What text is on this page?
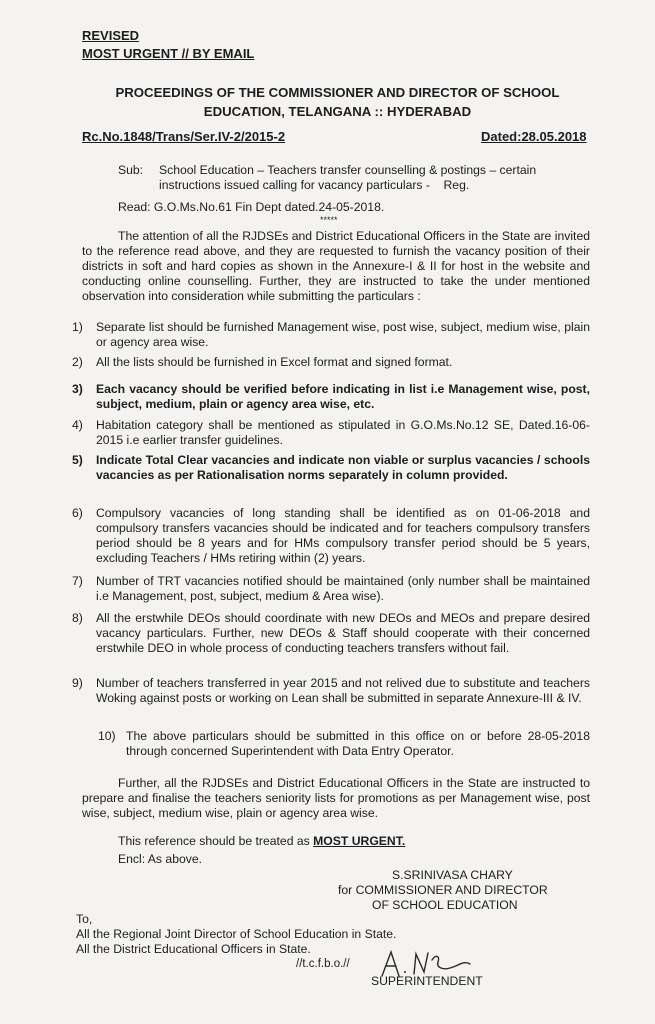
REVISED
MOST URGENT // BY EMAIL
PROCEEDINGS OF THE COMMISSIONER AND DIRECTOR OF SCHOOL
EDUCATION, TELANGANA :: HYDERABAD
Rc.No.1848/Trans/Ser.IV-2/2015-2	Dated:28.05.2018
Sub: School Education – Teachers transfer counselling & postings – certain
instructions issued calling for vacancy particulars -    Reg.
Read: G.O.Ms.No.61 Fin Dept dated.24-05-2018.
*****
The attention of all the RJDSEs and District Educational Officers in the State are invited to the reference read above, and they are requested to furnish the vacancy position of their districts in soft and hard copies as shown in the Annexure-I & II for host in the website and conducting online counselling. Further, they are instructed to take the under mentioned observation into consideration while submitting the particulars :
1) Separate list should be furnished Management wise, post wise, subject, medium wise, plain or agency area wise.
2) All the lists should be furnished in Excel format and signed format.
3) Each vacancy should be verified before indicating in list i.e Management wise, post, subject, medium, plain or agency area wise, etc.
4) Habitation category shall be mentioned as stipulated in G.O.Ms.No.12 SE, Dated.16-06-2015 i.e earlier transfer guidelines.
5) Indicate Total Clear vacancies and indicate non viable or surplus vacancies / schools vacancies as per Rationalisation norms separately in column provided.
6) Compulsory vacancies of long standing shall be identified as on 01-06-2018 and compulsory transfers vacancies should be indicated and for teachers compulsory transfers period should be 8 years and for HMs compulsory transfer period should be 5 years, excluding Teachers / HMs retiring within (2) years.
7) Number of TRT vacancies notified should be maintained (only number shall be maintained i.e Management, post, subject, medium & Area wise).
8) All the erstwhile DEOs should coordinate with new DEOs and MEOs and prepare desired vacancy particulars. Further, new DEOs & Staff should cooperate with their concerned erstwhile DEO in whole process of conducting teachers transfers without fail.
9) Number of teachers transferred in year 2015 and not relived due to substitute and teachers Woking against posts or working on Lean shall be submitted in separate Annexure-III & IV.
10) The above particulars should be submitted in this office on or before 28-05-2018 through concerned Superintendent with Data Entry Operator.
Further, all the RJDSEs and District Educational Officers in the State are instructed to prepare and finalise the teachers seniority lists for promotions as per Management wise, post wise, subject, medium wise, plain or agency area wise.
This reference should be treated as MOST URGENT.
Encl: As above.
S.SRINIVASA CHARY
for COMMISSIONER AND DIRECTOR
OF SCHOOL EDUCATION
To,
All the Regional Joint Director of School Education in State.
All the District Educational Officers in State.
//t.c.f.b.o.//
SUPERINTENDENT
